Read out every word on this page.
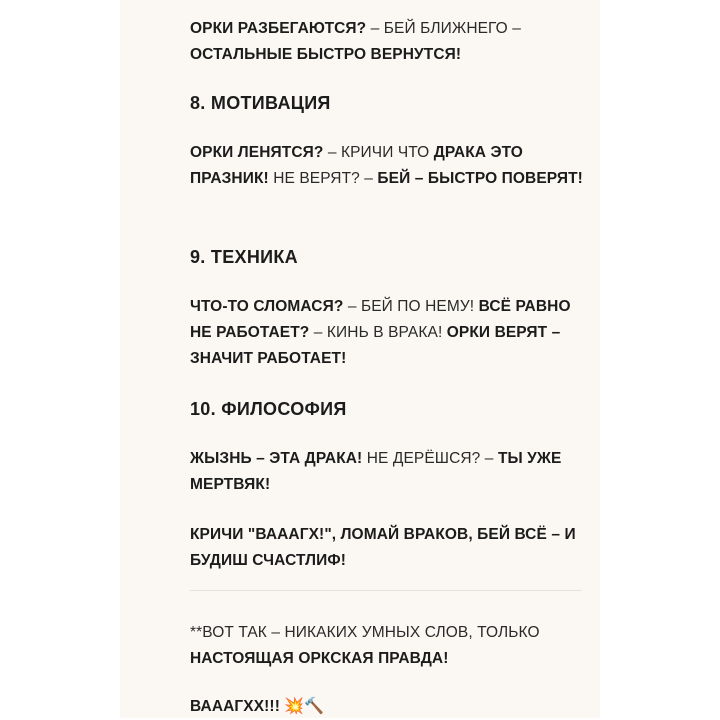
ОРКИ РАЗБЕГАЮТСЯ? – БЕЙ БЛИЖНЕГО –
ОСТАЛЬНЫЕ БЫСТРО ВЕРНУТСЯ!

8. МОТИВАЦИЯ

ОРКИ ЛЕНЯТСЯ? – КРИЧИ ЧТО ДРАКА ЭТО ПРАЗНИК! НЕ ВЕРЯТ? – БЕЙ – БЫСТРО ПОВЕРЯТ!

9. ТЕХНИКА

ЧТО-ТО СЛОМАСЯ? – БЕЙ ПО НЕМУ! ВСЁ РАВНО НЕ РАБОТАЕТ? – КИНЬ В ВРАКА! ОРКИ ВЕРЯТ – ЗНАЧИТ РАБОТАЕТ!

10. ФИЛОСОФИЯ

ЖЫЗНЬ – ЭТА ДРАКА! НЕ ДЕРЁШСЯ? – ТЫ УЖЕ МЕРТВЯК!

КРИЧИ "ВАААГХ!", ЛОМАЙ ВРАКОВ, БЕЙ ВСЁ – И БУДИШ СЧАСТЛИФ!

**ВОТ ТАК – НИКАКИХ УМНЫХ СЛОВ, ТОЛЬКО НАСТОЯЩАЯ ОРКСКАЯ ПРАВДА!

ВАААГХХ!!! 💥🔨
